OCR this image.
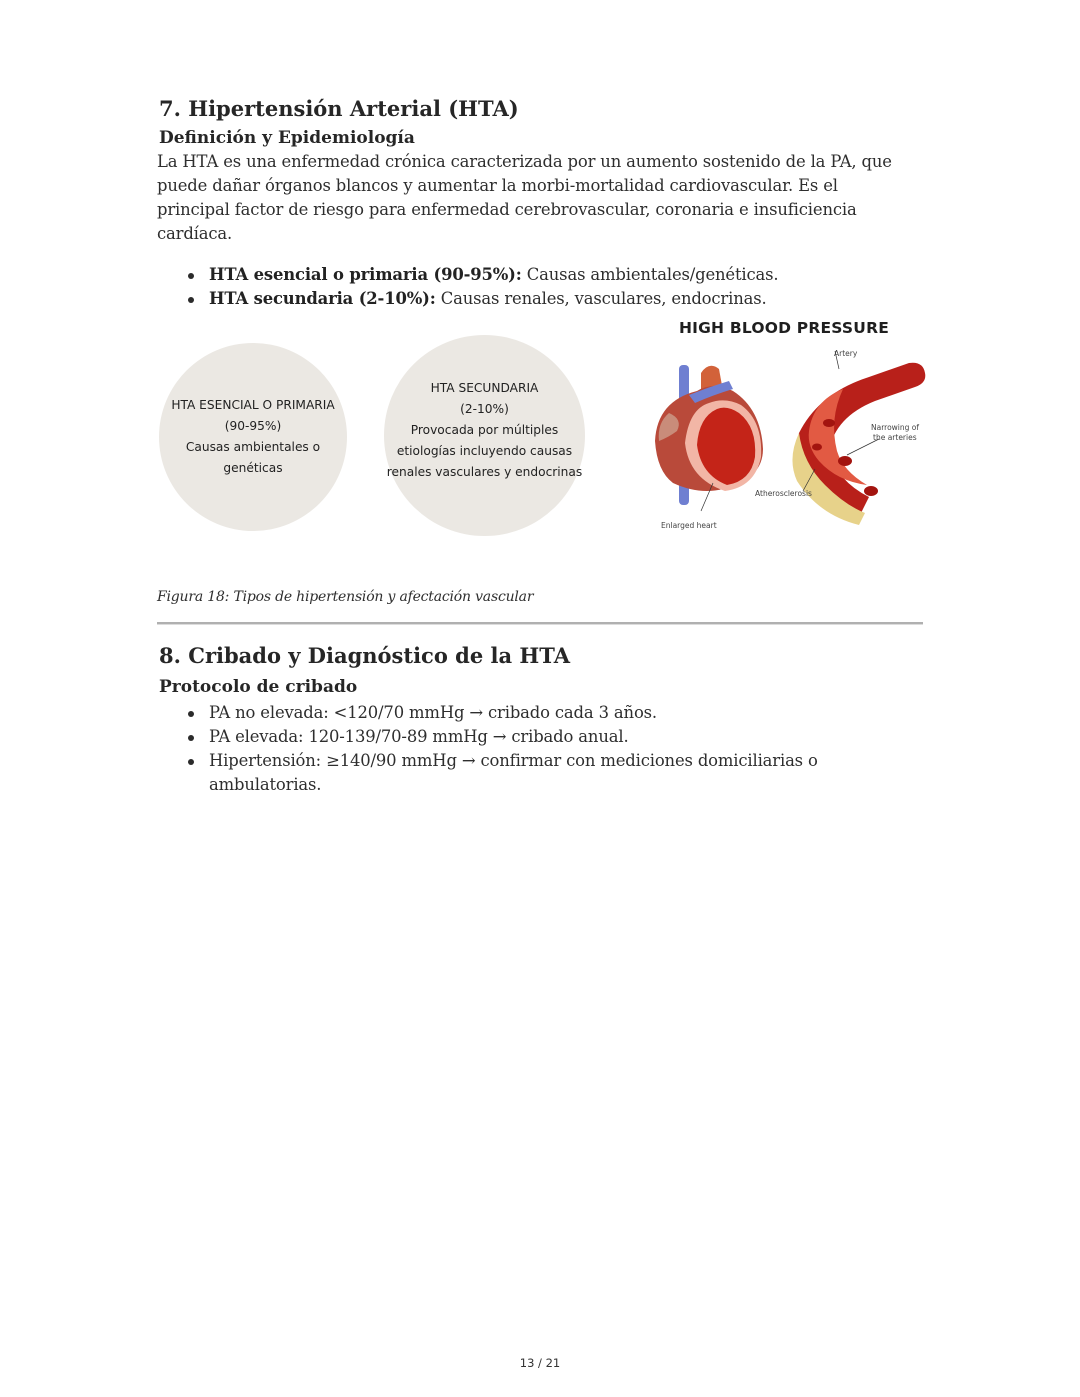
7. Hipertensión Arterial (HTA)
Definición y Epidemiología

La HTA es una enfermedad crónica caracterizada por un aumento sostenido de la PA, que
puede dañar órganos blancos y aumentar la morbi-mortalidad cardiovascular. Es el
principal factor de riesgo para enfermedad cerebrovascular, coronaria e insuficiencia
cardíaca.

HTA esencial o primaria (90-95%): Causas ambientales/genéticas.
HTA secundaria (2-10%): Causas renales, vasculares, endocrinas.
HTA ESENCIAL O PRIMARIA
(90-95%)
Causas ambientales o
genéticas
HTA SECUNDARIA
(2-10%)
Provocada por múltiples
etiologías incluyendo causas
renales vasculares y endocrinas
HIGH BLOOD PRESSURE
Artery
Narrowing of
the arteries
Atherosclerosis
Enlarged heart
Figura 18: Tipos de hipertensión y afectación vascular
8. Cribado y Diagnóstico de la HTA
Protocolo de cribado
PA no elevada: <120/70 mmHg → cribado cada 3 años.
PA elevada: 120-139/70-89 mmHg → cribado anual.
Hipertensión: ≥140/90 mmHg → confirmar con mediciones domiciliarias o
ambulatorias.
13 / 21
